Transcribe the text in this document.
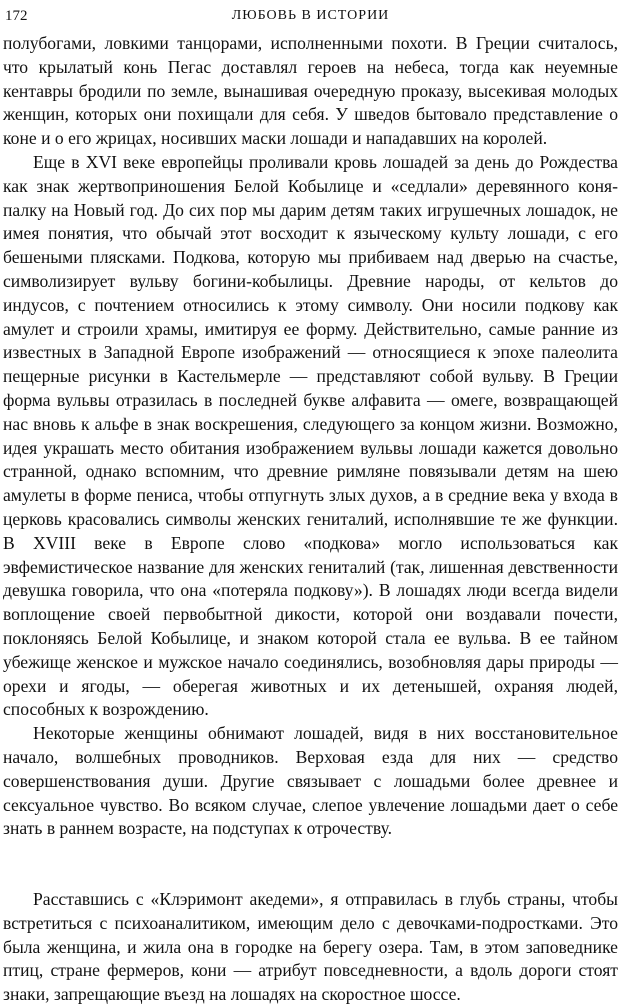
172	ЛЮБОВЬ В ИСТОРИИ

полубогами, ловкими танцорами, исполненными похоти. В Греции считалось, что крылатый конь Пегас доставлял героев на небеса, тогда как неуемные кентавры бродили по земле, вынашивая очередную проказу, высекивая молодых женщин, которых они похищали для себя. У шведов бытовало представление о коне и о его жрицах, носивших маски лошади и нападавших на королей.

Еще в XVI веке европейцы проливали кровь лошадей за день до Рождества как знак жертвоприношения Белой Кобылице и «седлали» деревянного коня-палку на Новый год. До сих пор мы дарим детям таких игрушечных лошадок, не имея понятия, что обычай этот восходит к языческому культу лошади, с его бешеными плясками. Подкова, которую мы прибиваем над дверью на счастье, символизирует вульву богини-кобылицы. Древние народы, от кельтов до индусов, с почтением относились к этому символу. Они носили подкову как амулет и строили храмы, имитируя ее форму. Действительно, самые ранние из известных в Западной Европе изображений — относящиеся к эпохе палеолита пещерные рисунки в Кастельмерле — представляют собой вульву. В Греции форма вульвы отразилась в последней букве алфавита — омеге, возвращающей нас вновь к альфе в знак воскрешения, следующего за концом жизни. Возможно, идея украшать место обитания изображением вульвы лошади кажется довольно странной, однако вспомним, что древние римляне повязывали детям на шею амулеты в форме пениса, чтобы отпугнуть злых духов, а в средние века у входа в церковь красовались символы женских гениталий, исполнявшие те же функции. В XVIII веке в Европе слово «подкова» могло использоваться как эвфемистическое название для женских гениталий (так, лишенная девственности девушка говорила, что она «потеряла подкову»). В лошадях люди всегда видели воплощение своей первобытной дикости, которой они воздавали почести, поклоняясь Белой Кобылице, и знаком которой стала ее вульва. В ее тайном убежище женское и мужское начало соединялись, возобновляя дары природы — орехи и ягоды, — оберегая животных и их детенышей, охраняя людей, способных к возрождению.

Некоторые женщины обнимают лошадей, видя в них восстановительное начало, волшебных проводников. Верховая езда для них — средство совершенствования души. Другие связывает с лошадьми более древнее и сексуальное чувство. Во всяком случае, слепое увлечение лошадьми дает о себе знать в раннем возрасте, на подступах к отрочеству.

Расставшись с «Клэримонт акедеми», я отправилась в глубь страны, чтобы встретиться с психоаналитиком, имеющим дело с девочками-подростками. Это была женщина, и жила она в городке на берегу озера. Там, в этом заповеднике птиц, стране фермеров, кони — атрибут повседневности, а вдоль дороги стоят знаки, запрещающие въезд на лошадях на скоростное шоссе.
